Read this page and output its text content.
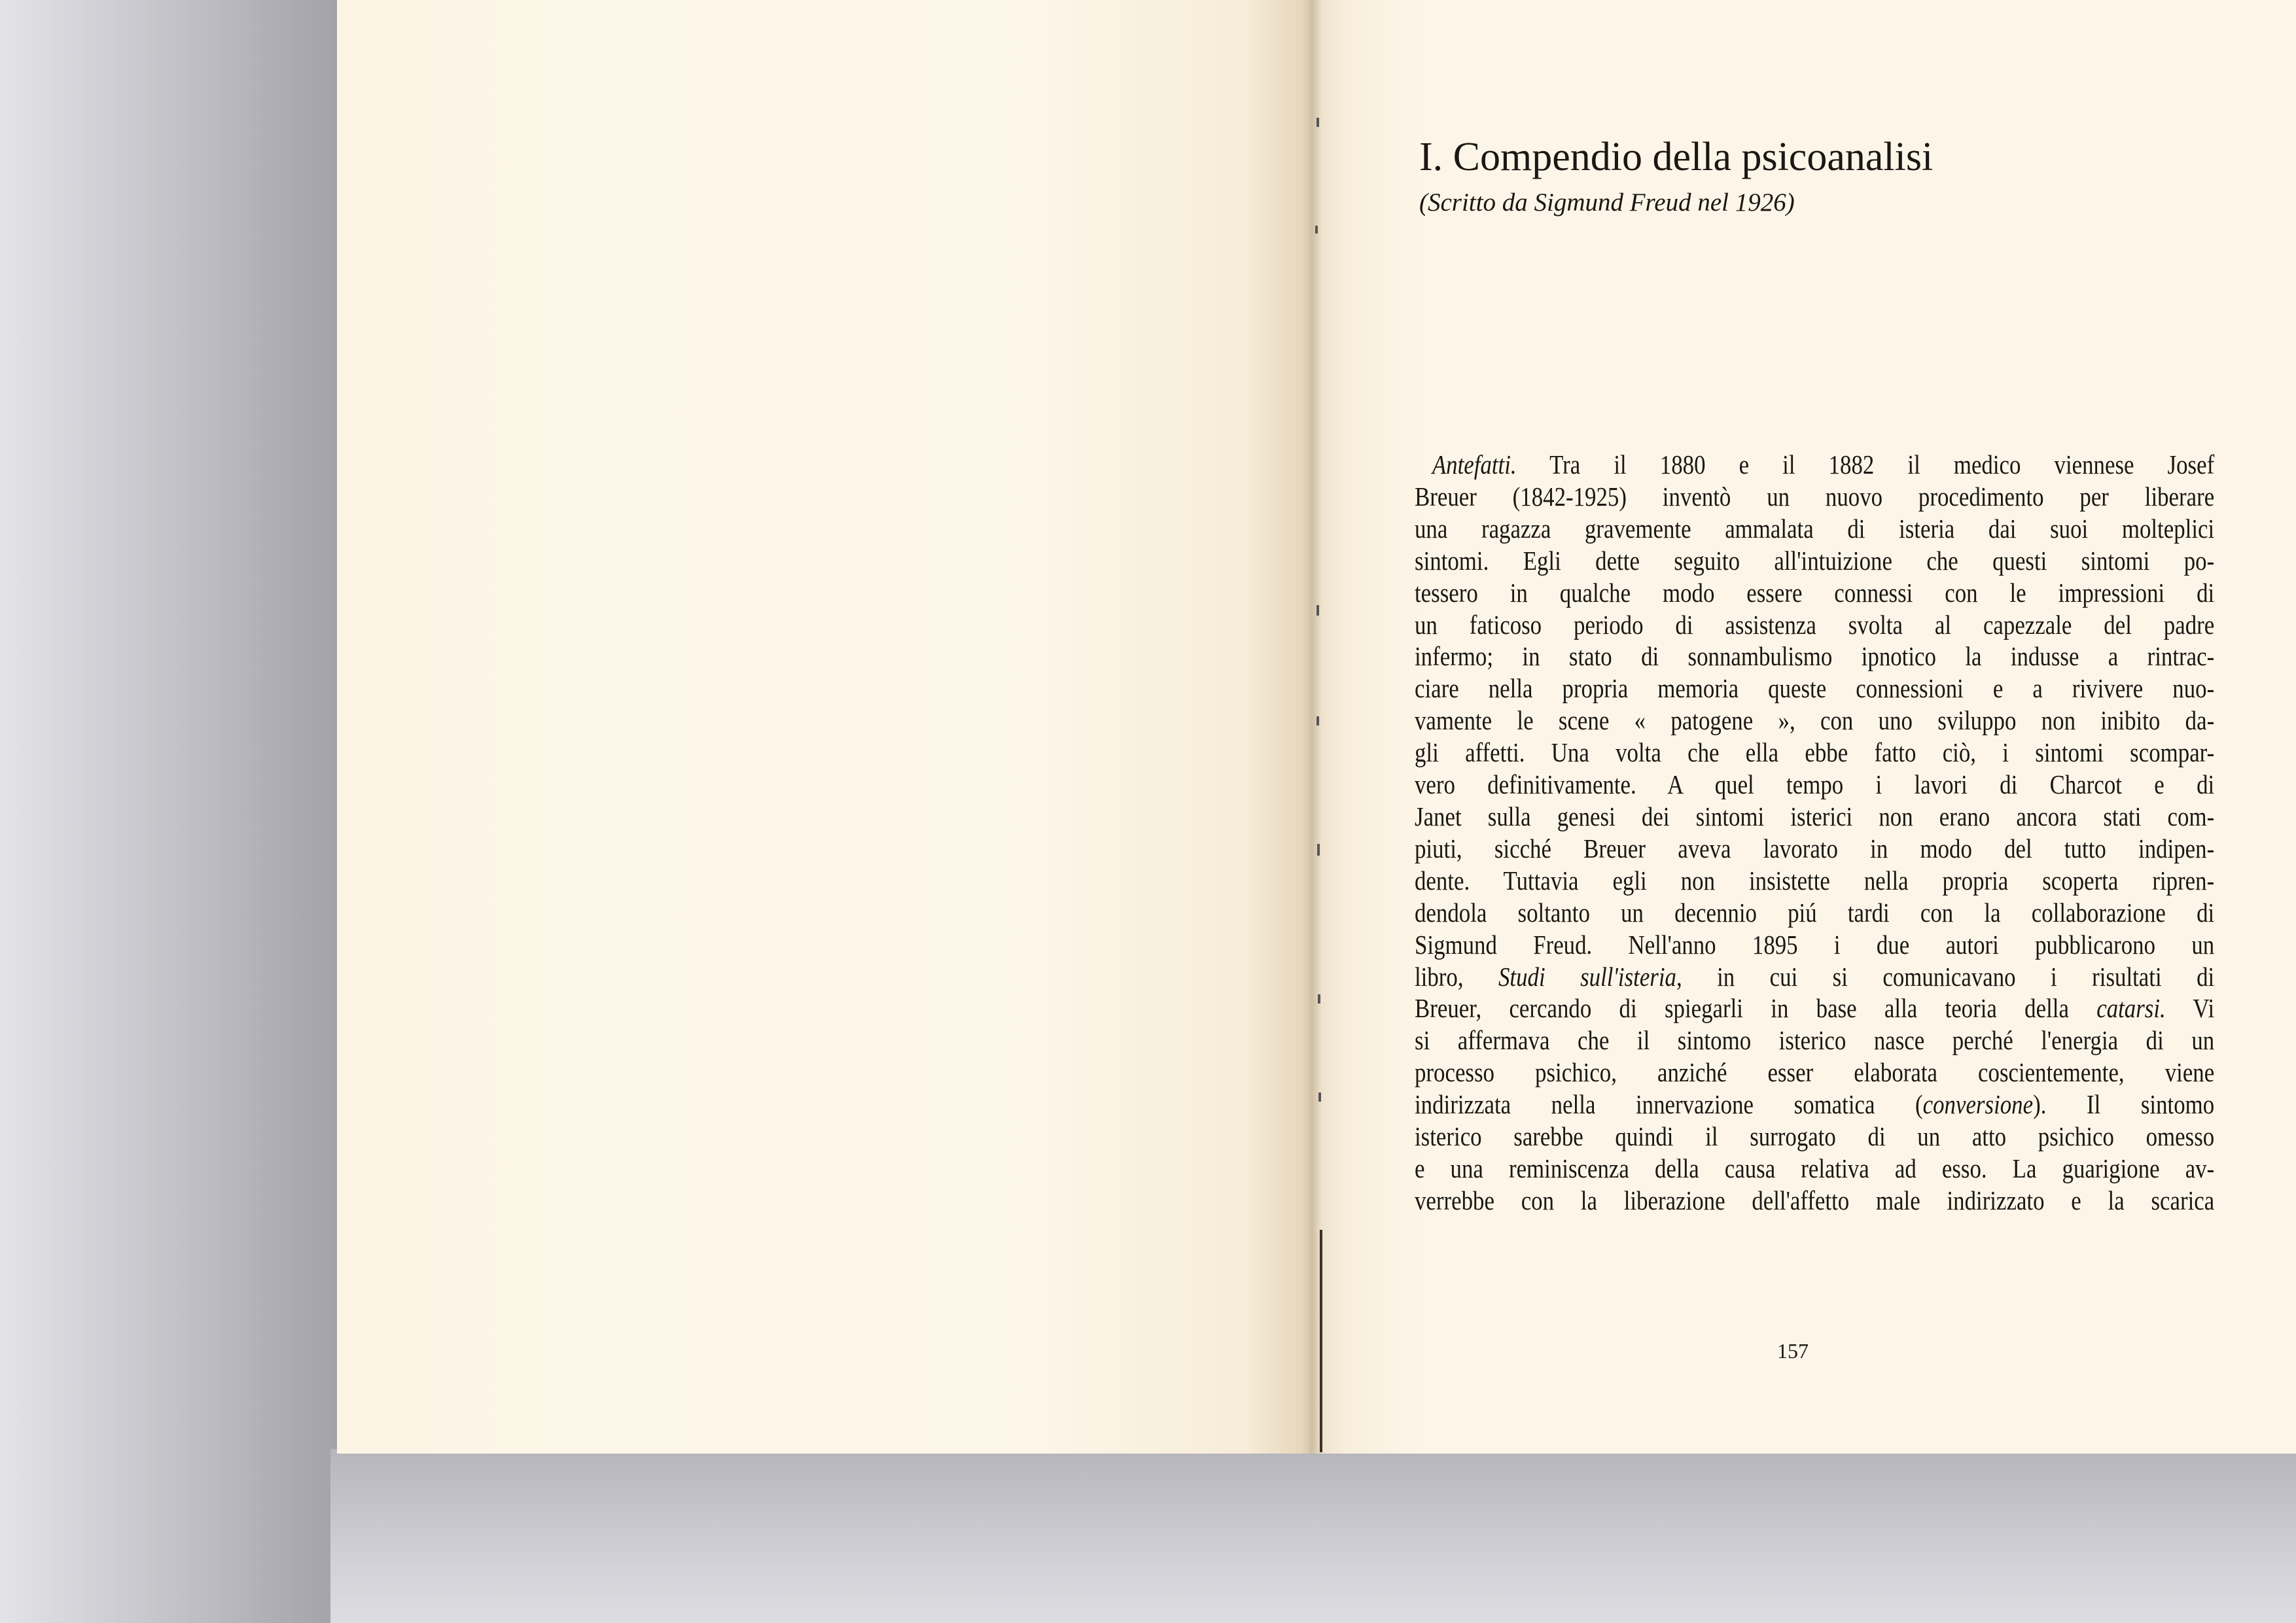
I. Compendio della psicoanalisi
(Scritto da Sigmund Freud nel 1926)
Antefatti. Tra il 1880 e il 1882 il medico viennese Josef
Breuer (1842-1925) inventò un nuovo procedimento per liberare
una ragazza gravemente ammalata di isteria dai suoi molteplici
sintomi. Egli dette seguito all'intuizione che questi sintomi po-
tessero in qualche modo essere connessi con le impressioni di
un faticoso periodo di assistenza svolta al capezzale del padre
infermo; in stato di sonnambulismo ipnotico la indusse a rintrac-
ciare nella propria memoria queste connessioni e a rivivere nuo-
vamente le scene « patogene », con uno sviluppo non inibito da-
gli affetti. Una volta che ella ebbe fatto ciò, i sintomi scompar-
vero definitivamente. A quel tempo i lavori di Charcot e di
Janet sulla genesi dei sintomi isterici non erano ancora stati com-
piuti, sicché Breuer aveva lavorato in modo del tutto indipen-
dente. Tuttavia egli non insistette nella propria scoperta ripren-
dendola soltanto un decennio piú tardi con la collaborazione di
Sigmund Freud. Nell'anno 1895 i due autori pubblicarono un
libro, Studi sull'isteria, in cui si comunicavano i risultati di
Breuer, cercando di spiegarli in base alla teoria della catarsi. Vi
si affermava che il sintomo isterico nasce perché l'energia di un
processo psichico, anziché esser elaborata coscientemente, viene
indirizzata nella innervazione somatica (conversione). Il sintomo
isterico sarebbe quindi il surrogato di un atto psichico omesso
e una reminiscenza della causa relativa ad esso. La guarigione av-
verrebbe con la liberazione dell'affetto male indirizzato e la scarica
157
